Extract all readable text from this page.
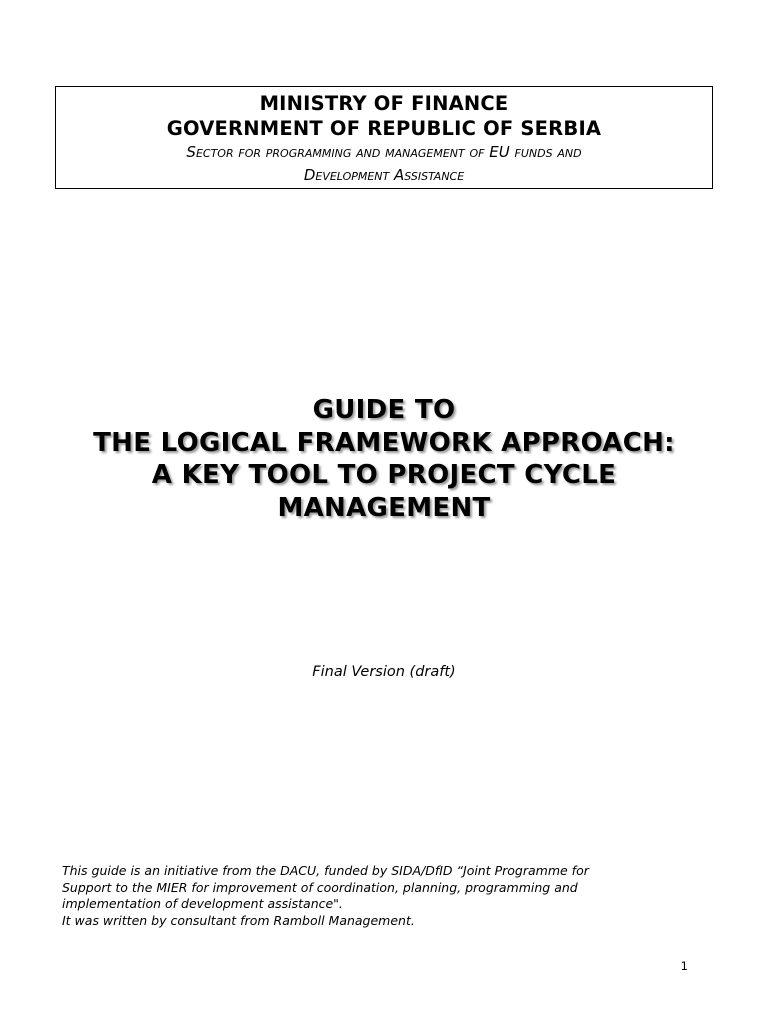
MINISTRY OF FINANCE
GOVERNMENT OF REPUBLIC OF SERBIA
Sector for programming and management of EU funds and
Development Assistance
GUIDE TO
THE LOGICAL FRAMEWORK APPROACH:
A KEY TOOL TO PROJECT CYCLE
MANAGEMENT
Final Version (draft)
This guide is an initiative from the DACU, funded by SIDA/DfID “Joint Programme for
Support to the MIER for improvement of coordination, planning, programming and
implementation of development assistance".
It was written by consultant from Ramboll Management.
1
